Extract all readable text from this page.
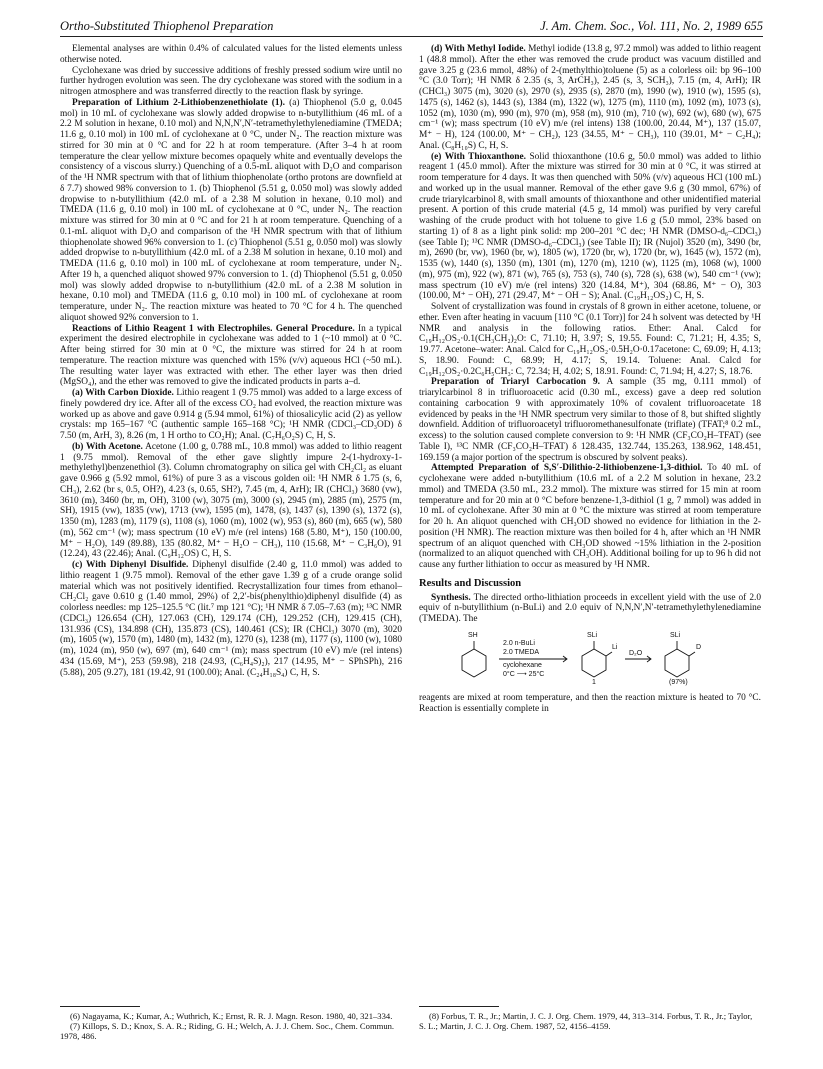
Ortho-Substituted Thiophenol Preparation	J. Am. Chem. Soc., Vol. 111, No. 2, 1989 655

Elemental analyses are within 0.4% of calculated values for the listed elements unless otherwise noted.

Cyclohexane was dried by successive additions of freshly pressed sodium wire until no further hydrogen evolution was seen. The dry cyclohexane was stored with the sodium in a nitrogen atmosphere and was transferred directly to the reaction flask by syringe.

Preparation of Lithium 2-Lithiobenzenethiolate (1). (a) Thiophenol (5.0 g, 0.045 mol) in 10 mL of cyclohexane was slowly added dropwise to n-butyllithium (46 mL of a 2.2 M solution in hexane, 0.10 mol) and N,N,N′,N′-tetramethylethylenediamine (TMEDA; 11.6 g, 0.10 mol) in 100 mL of cyclohexane at 0 °C, under N₂. The reaction mixture was stirred for 30 min at 0 °C and for 22 h at room temperature. (After 3–4 h at room temperature the clear yellow mixture becomes opaquely white and eventually develops the consistency of a viscous slurry.) Quenching of a 0.5-mL aliquot with D₂O and comparison of the ¹H NMR spectrum with that of lithium thiophenolate (ortho protons are downfield at δ 7.7) showed 98% conversion to 1. (b) Thiophenol (5.51 g, 0.050 mol) was slowly added dropwise to n-butyllithium (42.0 mL of a 2.38 M solution in hexane, 0.10 mol) and TMEDA (11.6 g, 0.10 mol) in 100 mL of cyclohexane at 0 °C, under N₂. The reaction mixture was stirred for 30 min at 0 °C and for 21 h at room temperature. Quenching of a 0.1-mL aliquot with D₂O and comparison of the ¹H NMR spectrum with that of lithium thiophenolate showed 96% conversion to 1. (c) Thiophenol (5.51 g, 0.050 mol) was slowly added dropwise to n-butyllithium (42.0 mL of a 2.38 M solution in hexane, 0.10 mol) and TMEDA (11.6 g, 0.10 mol) in 100 mL of cyclohexane at room temperature, under N₂. After 19 h, a quenched aliquot showed 97% conversion to 1. (d) Thiophenol (5.51 g, 0.050 mol) was slowly added dropwise to n-butyllithium (42.0 mL of a 2.38 M solution in hexane, 0.10 mol) and TMEDA (11.6 g, 0.10 mol) in 100 mL of cyclohexane at room temperature, under N₂. The reaction mixture was heated to 70 °C for 4 h. The quenched aliquot showed 92% conversion to 1.

Reactions of Lithio Reagent 1 with Electrophiles. General Procedure. In a typical experiment the desired electrophile in cyclohexane was added to 1 (~10 mmol) at 0 °C. After being stirred for 30 min at 0 °C, the mixture was stirred for 24 h at room temperature. The reaction mixture was quenched with 15% (v/v) aqueous HCl (~50 mL). The resulting water layer was extracted with ether. The ether layer was then dried (MgSO₄), and the ether was removed to give the indicated products in parts a–d.

(a) With Carbon Dioxide. Lithio reagent 1 (9.75 mmol) was added to a large excess of finely powdered dry ice. After all of the excess CO₂ had evolved, the reaction mixture was worked up as above and gave 0.914 g (5.94 mmol, 61%) of thiosalicylic acid (2) as yellow crystals: mp 165–167 °C (authentic sample 165–168 °C); ¹H NMR (CDCl₃–CD₃OD) δ 7.50 (m, ArH, 3), 8.26 (m, 1 H ortho to CO₂H); Anal. (C₇H₆O₂S) C, H, S.

(b) With Acetone. Acetone (1.00 g, 0.788 mL, 10.8 mmol) was added to lithio reagent 1 (9.75 mmol). Removal of the ether gave slightly impure 2-(1-hydroxy-1-methylethyl)benzenethiol (3). Column chromatography on silica gel with CH₂Cl₂ as eluant gave 0.966 g (5.92 mmol, 61%) of pure 3 as a viscous golden oil: ¹H NMR δ 1.75 (s, 6, CH₃), 2.62 (br s, 0.5, OH?), 4.23 (s, 0.65, SH?), 7.45 (m, 4, ArH); IR (CHCl₃) 3680 (vw), 3610 (m), 3460 (br, m, OH), 3100 (w), 3075 (m), 3000 (s), 2945 (m), 2885 (m), 2575 (m, SH), 1915 (vw), 1835 (vw), 1713 (vw), 1595 (m), 1478, (s), 1437 (s), 1390 (s), 1372 (s), 1350 (m), 1283 (m), 1179 (s), 1108 (s), 1060 (m), 1002 (w), 953 (s), 860 (m), 665 (w), 580 (m), 562 cm⁻¹ (w); mass spectrum (10 eV) m/e (rel intens) 168 (5.80, M⁺), 150 (100.00, M⁺ − H₂O), 149 (89.88), 135 (80.82, M⁺ − H₂O − CH₃), 110 (15.68, M⁺ − C₃H₆O), 91 (12.24), 43 (22.46); Anal. (C₉H₁₂OS) C, H, S.

(c) With Diphenyl Disulfide. Diphenyl disulfide (2.40 g, 11.0 mmol) was added to lithio reagent 1 (9.75 mmol). Removal of the ether gave 1.39 g of a crude orange solid material which was not positively identified. Recrystallization four times from ethanol–CH₂Cl₂ gave 0.610 g (1.40 mmol, 29%) of 2,2′-bis(phenylthio)diphenyl disulfide (4) as colorless needles: mp 125–125.5 °C (lit.⁷ mp 121 °C); ¹H NMR δ 7.05–7.63 (m); ¹³C NMR (CDCl₃) 126.654 (CH), 127.063 (CH), 129.174 (CH), 129.252 (CH), 129.415 (CH), 131.936 (CS), 134.898 (CH), 135.873 (CS), 140.461 (CS); IR (CHCl₃) 3070 (m), 3020 (m), 1605 (w), 1570 (m), 1480 (m), 1432 (m), 1270 (s), 1238 (m), 1177 (s), 1100 (w), 1080 (m), 1024 (m), 950 (w), 697 (m), 640 cm⁻¹ (m); mass spectrum (10 eV) m/e (rel intens) 434 (15.69, M⁺), 253 (59.98), 218 (24.93, (C₆H₄S)₂), 217 (14.95, M⁺ − SPhSPh), 216 (5.88), 205 (9.27), 181 (19.42, 91 (100.00); Anal. (C₂₄H₁₈S₄) C, H, S.

(d) With Methyl Iodide. Methyl iodide (13.8 g, 97.2 mmol) was added to lithio reagent 1 (48.8 mmol). After the ether was removed the crude product was vacuum distilled and gave 3.25 g (23.6 mmol, 48%) of 2-(methylthio)toluene (5) as a colorless oil: bp 96–100 °C (3.0 Torr); ¹H NMR δ 2.35 (s, 3, ArCH₃), 2.45 (s, 3, SCH₃), 7.15 (m, 4, ArH); IR (CHCl₃) 3075 (m), 3020 (s), 2970 (s), 2935 (s), 2870 (m), 1990 (w), 1910 (w), 1595 (s), 1475 (s), 1462 (s), 1443 (s), 1384 (m), 1322 (w), 1275 (m), 1110 (m), 1092 (m), 1073 (s), 1052 (m), 1030 (m), 990 (m), 970 (m), 958 (m), 910 (m), 710 (w), 692 (w), 680 (w), 675 cm⁻¹ (w); mass spectrum (10 eV) m/e (rel intens) 138 (100.00, 20.44, M⁺), 137 (15.07, M⁺ − H), 124 (100.00, M⁺ − CH₂), 123 (34.55, M⁺ − CH₃), 110 (39.01, M⁺ − C₂H₄); Anal. (C₈H₁₀S) C, H, S.

(e) With Thioxanthone. Solid thioxanthone (10.6 g, 50.0 mmol) was added to lithio reagent 1 (45.0 mmol). After the mixture was stirred for 30 min at 0 °C, it was stirred at room temperature for 4 days. It was then quenched with 50% (v/v) aqueous HCl (100 mL) and worked up in the usual manner. Removal of the ether gave 9.6 g (30 mmol, 67%) of crude triarylcarbinol 8, with small amounts of thioxanthone and other unidentified material present. A portion of this crude material (4.5 g, 14 mmol) was purified by very careful washing of the crude product with hot toluene to give 1.6 g (5.0 mmol, 23% based on starting 1) of 8 as a light pink solid: mp 200–201 °C dec; ¹H NMR (DMSO-d₆–CDCl₃) (see Table I); ¹³C NMR (DMSO-d₆–CDCl₃) (see Table II); IR (Nujol) 3520 (m), 3490 (br, m), 2690 (br, vw), 1960 (br, w), 1805 (w), 1720 (br, w), 1720 (br, w), 1645 (w), 1572 (m), 1535 (w), 1440 (s), 1350 (m), 1301 (m), 1270 (m), 1210 (w), 1125 (m), 1068 (w), 1000 (m), 975 (m), 922 (w), 871 (w), 765 (s), 753 (s), 740 (s), 728 (s), 638 (w), 540 cm⁻¹ (vw); mass spectrum (10 eV) m/e (rel intens) 320 (14.84, M⁺), 304 (68.86, M⁺ − O), 303 (100.00, M⁺ − OH), 271 (29.47, M⁺ − OH − S); Anal. (C₁₉H₁₂OS₂) C, H, S.

Solvent of crystallization was found in crystals of 8 grown in either acetone, toluene, or ether. Even after heating in vacuum [110 °C (0.1 Torr)] for 24 h solvent was detected by ¹H NMR and analysis in the following ratios. Ether: Anal. Calcd for C₁₉H₁₂OS₂·0.1(CH₃CH₂)₂O: C, 71.10; H, 3.97; S, 19.55. Found: C, 71.21; H, 4.35; S, 19.77. Acetone–water: Anal. Calcd for C₁₉H₁₂OS₂·0.5H₂O·0.17acetone: C, 69.09; H, 4.13; S, 18.90. Found: C, 68.99; H, 4.17; S, 19.14. Toluene: Anal. Calcd for C₁₉H₁₂OS₂·0.2C₆H₅CH₃: C, 72.34; H, 4.02; S, 18.91. Found: C, 71.94; H, 4.27; S, 18.76.

Preparation of Triaryl Carbocation 9. A sample (35 mg, 0.111 mmol) of triarylcarbinol 8 in trifluoroacetic acid (0.30 mL, excess) gave a deep red solution containing carbocation 9 with approximately 10% of covalent trifluoroacetate 18 evidenced by peaks in the ¹H NMR spectrum very similar to those of 8, but shifted slightly downfield. Addition of trifluoroacetyl trifluoromethanesulfonate (triflate) (TFAT;⁸ 0.2 mL, excess) to the solution caused complete conversion to 9: ¹H NMR (CF₃CO₂H–TFAT) (see Table I), ¹³C NMR (CF₃CO₂H–TFAT) δ 128.435, 132.744, 135.263, 138.962, 148.451, 169.159 (a major portion of the spectrum is obscured by solvent peaks).

Attempted Preparation of S,S′-Dilithio-2-lithiobenzene-1,3-dithiol. To 40 mL of cyclohexane were added n-butyllithium (10.6 mL of a 2.2 M solution in hexane, 23.2 mmol) and TMEDA (3.50 mL, 23.2 mmol). The mixture was stirred for 15 min at room temperature and for 20 min at 0 °C before benzene-1,3-dithiol (1 g, 7 mmol) was added in 10 mL of cyclohexane. After 30 min at 0 °C the mixture was stirred at room temperature for 20 h. An aliquot quenched with CH₃OD showed no evidence for lithiation in the 2-position (¹H NMR). The reaction mixture was then boiled for 4 h, after which an ¹H NMR spectrum of an aliquot quenched with CH₃OD showed ~15% lithiation in the 2-position (normalized to an aliquot quenched with CH₃OH). Additional boiling for up to 96 h did not cause any further lithiation to occur as measured by ¹H NMR.

Results and Discussion

Synthesis. The directed ortho-lithiation proceeds in excellent yield with the use of 2.0 equiv of n-butyllithium (n-BuLi) and 2.0 equiv of N,N,N′,N′-tetramethylethylenediamine (TMEDA). The

SH	SLi
Li
2.0 n-BuLi
2.0 TMEDA
cyclohexane
0°C ⟶ 25°C
1
D₂O
SLi
D
(97%)

reagents are mixed at room temperature, and then the reaction mixture is heated to 70 °C. Reaction is essentially complete in

(6) Nagayama, K.; Kumar, A.; Wuthrich, K.; Ernst, R. R. J. Magn. Reson. 1980, 40, 321–334.

(7) Killops, S. D.; Knox, S. A. R.; Riding, G. H.; Welch, A. J. J. Chem. Soc., Chem. Commun. 1978, 486.

(8) Forbus, T. R., Jr.; Martin, J. C. J. Org. Chem. 1979, 44, 313–314. Forbus, T. R., Jr.; Taylor, S. L.; Martin, J. C. J. Org. Chem. 1987, 52, 4156–4159.
